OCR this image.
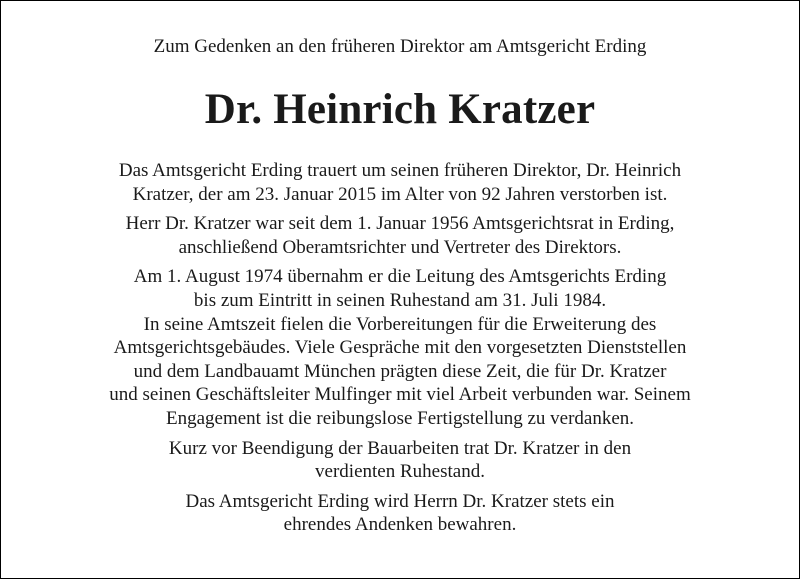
Zum Gedenken an den früheren Direktor am Amtsgericht Erding
Dr. Heinrich Kratzer
Das Amtsgericht Erding trauert um seinen früheren Direktor, Dr. Heinrich
Kratzer, der am 23. Januar 2015 im Alter von 92 Jahren verstorben ist.
Herr Dr. Kratzer war seit dem 1. Januar 1956 Amtsgerichtsrat in Erding,
anschließend Oberamtsrichter und Vertreter des Direktors.
Am 1. August 1974 übernahm er die Leitung des Amtsgerichts Erding
bis zum Eintritt in seinen Ruhestand am 31. Juli 1984.
In seine Amtszeit fielen die Vorbereitungen für die Erweiterung des
Amtsgerichtsgebäudes. Viele Gespräche mit den vorgesetzten Dienststellen
und dem Landbauamt München prägten diese Zeit, die für Dr. Kratzer
und seinen Geschäftsleiter Mulfinger mit viel Arbeit verbunden war. Seinem
Engagement ist die reibungslose Fertigstellung zu verdanken.
Kurz vor Beendigung der Bauarbeiten trat Dr. Kratzer in den
verdienten Ruhestand.
Das Amtsgericht Erding wird Herrn Dr. Kratzer stets ein
ehrendes Andenken bewahren.
